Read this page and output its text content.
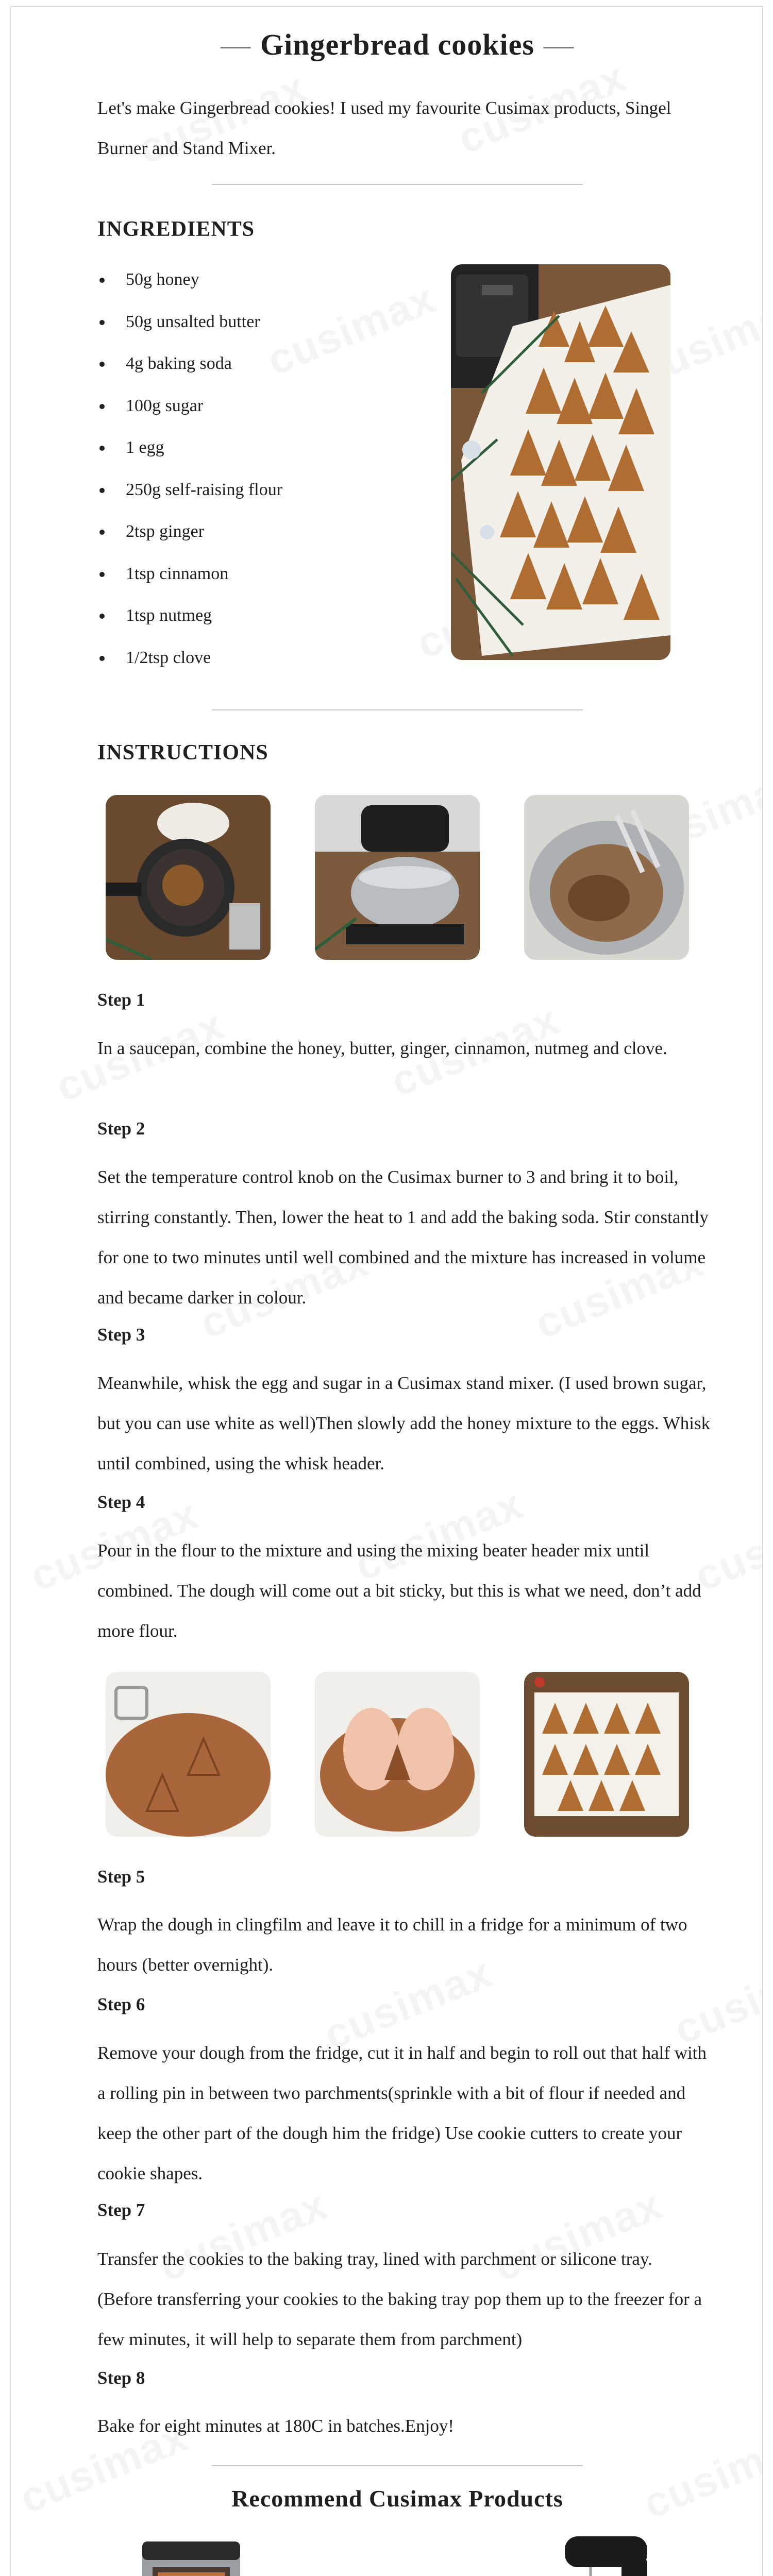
— Gingerbread cookies —
Let's make Gingerbread cookies! I used my favourite Cusimax products, Singel Burner and Stand Mixer.
INGREDIENTS
50g honey
50g unsalted butter
4g baking soda
100g sugar
1 egg
250g self-raising flour
2tsp ginger
1tsp cinnamon
1tsp nutmeg
1/2tsp clove
INSTRUCTIONS
Step 1
In a saucepan, combine the honey, butter, ginger, cinnamon, nutmeg and clove.
Step 2
Set the temperature control knob on the Cusimax burner to 3 and bring it to boil, stirring constantly. Then, lower the heat to 1 and add the baking soda. Stir constantly for one to two minutes until well combined and the mixture has increased in volume and became darker in colour.
Step 3
Meanwhile, whisk the egg and sugar in a Cusimax stand mixer. (I used brown sugar, but you can use white as well)Then slowly add the honey mixture to the eggs. Whisk until combined, using the whisk header.
Step 4
Pour in the flour to the mixture and using the mixing beater header mix until combined. The dough will come out a bit sticky, but this is what we need, don’t add more flour.
Step 5
Wrap the dough in clingfilm and leave it to chill in a fridge for a minimum of two hours (better overnight).
Step 6
Remove your dough from the fridge, cut it in half and begin to roll out that half with a rolling pin in between two parchments(sprinkle with a bit of flour if needed and keep the other part of the dough him the fridge) Use cookie cutters to create your cookie shapes.
Step 7
Transfer the cookies to the baking tray, lined with parchment or silicone tray. (Before transferring your cookies to the baking tray pop them up to the freezer for a few minutes, it will help to separate them from parchment)
Step 8
Bake for eight minutes at 180C in batches.Enjoy!
Recommend Cusimax Products
